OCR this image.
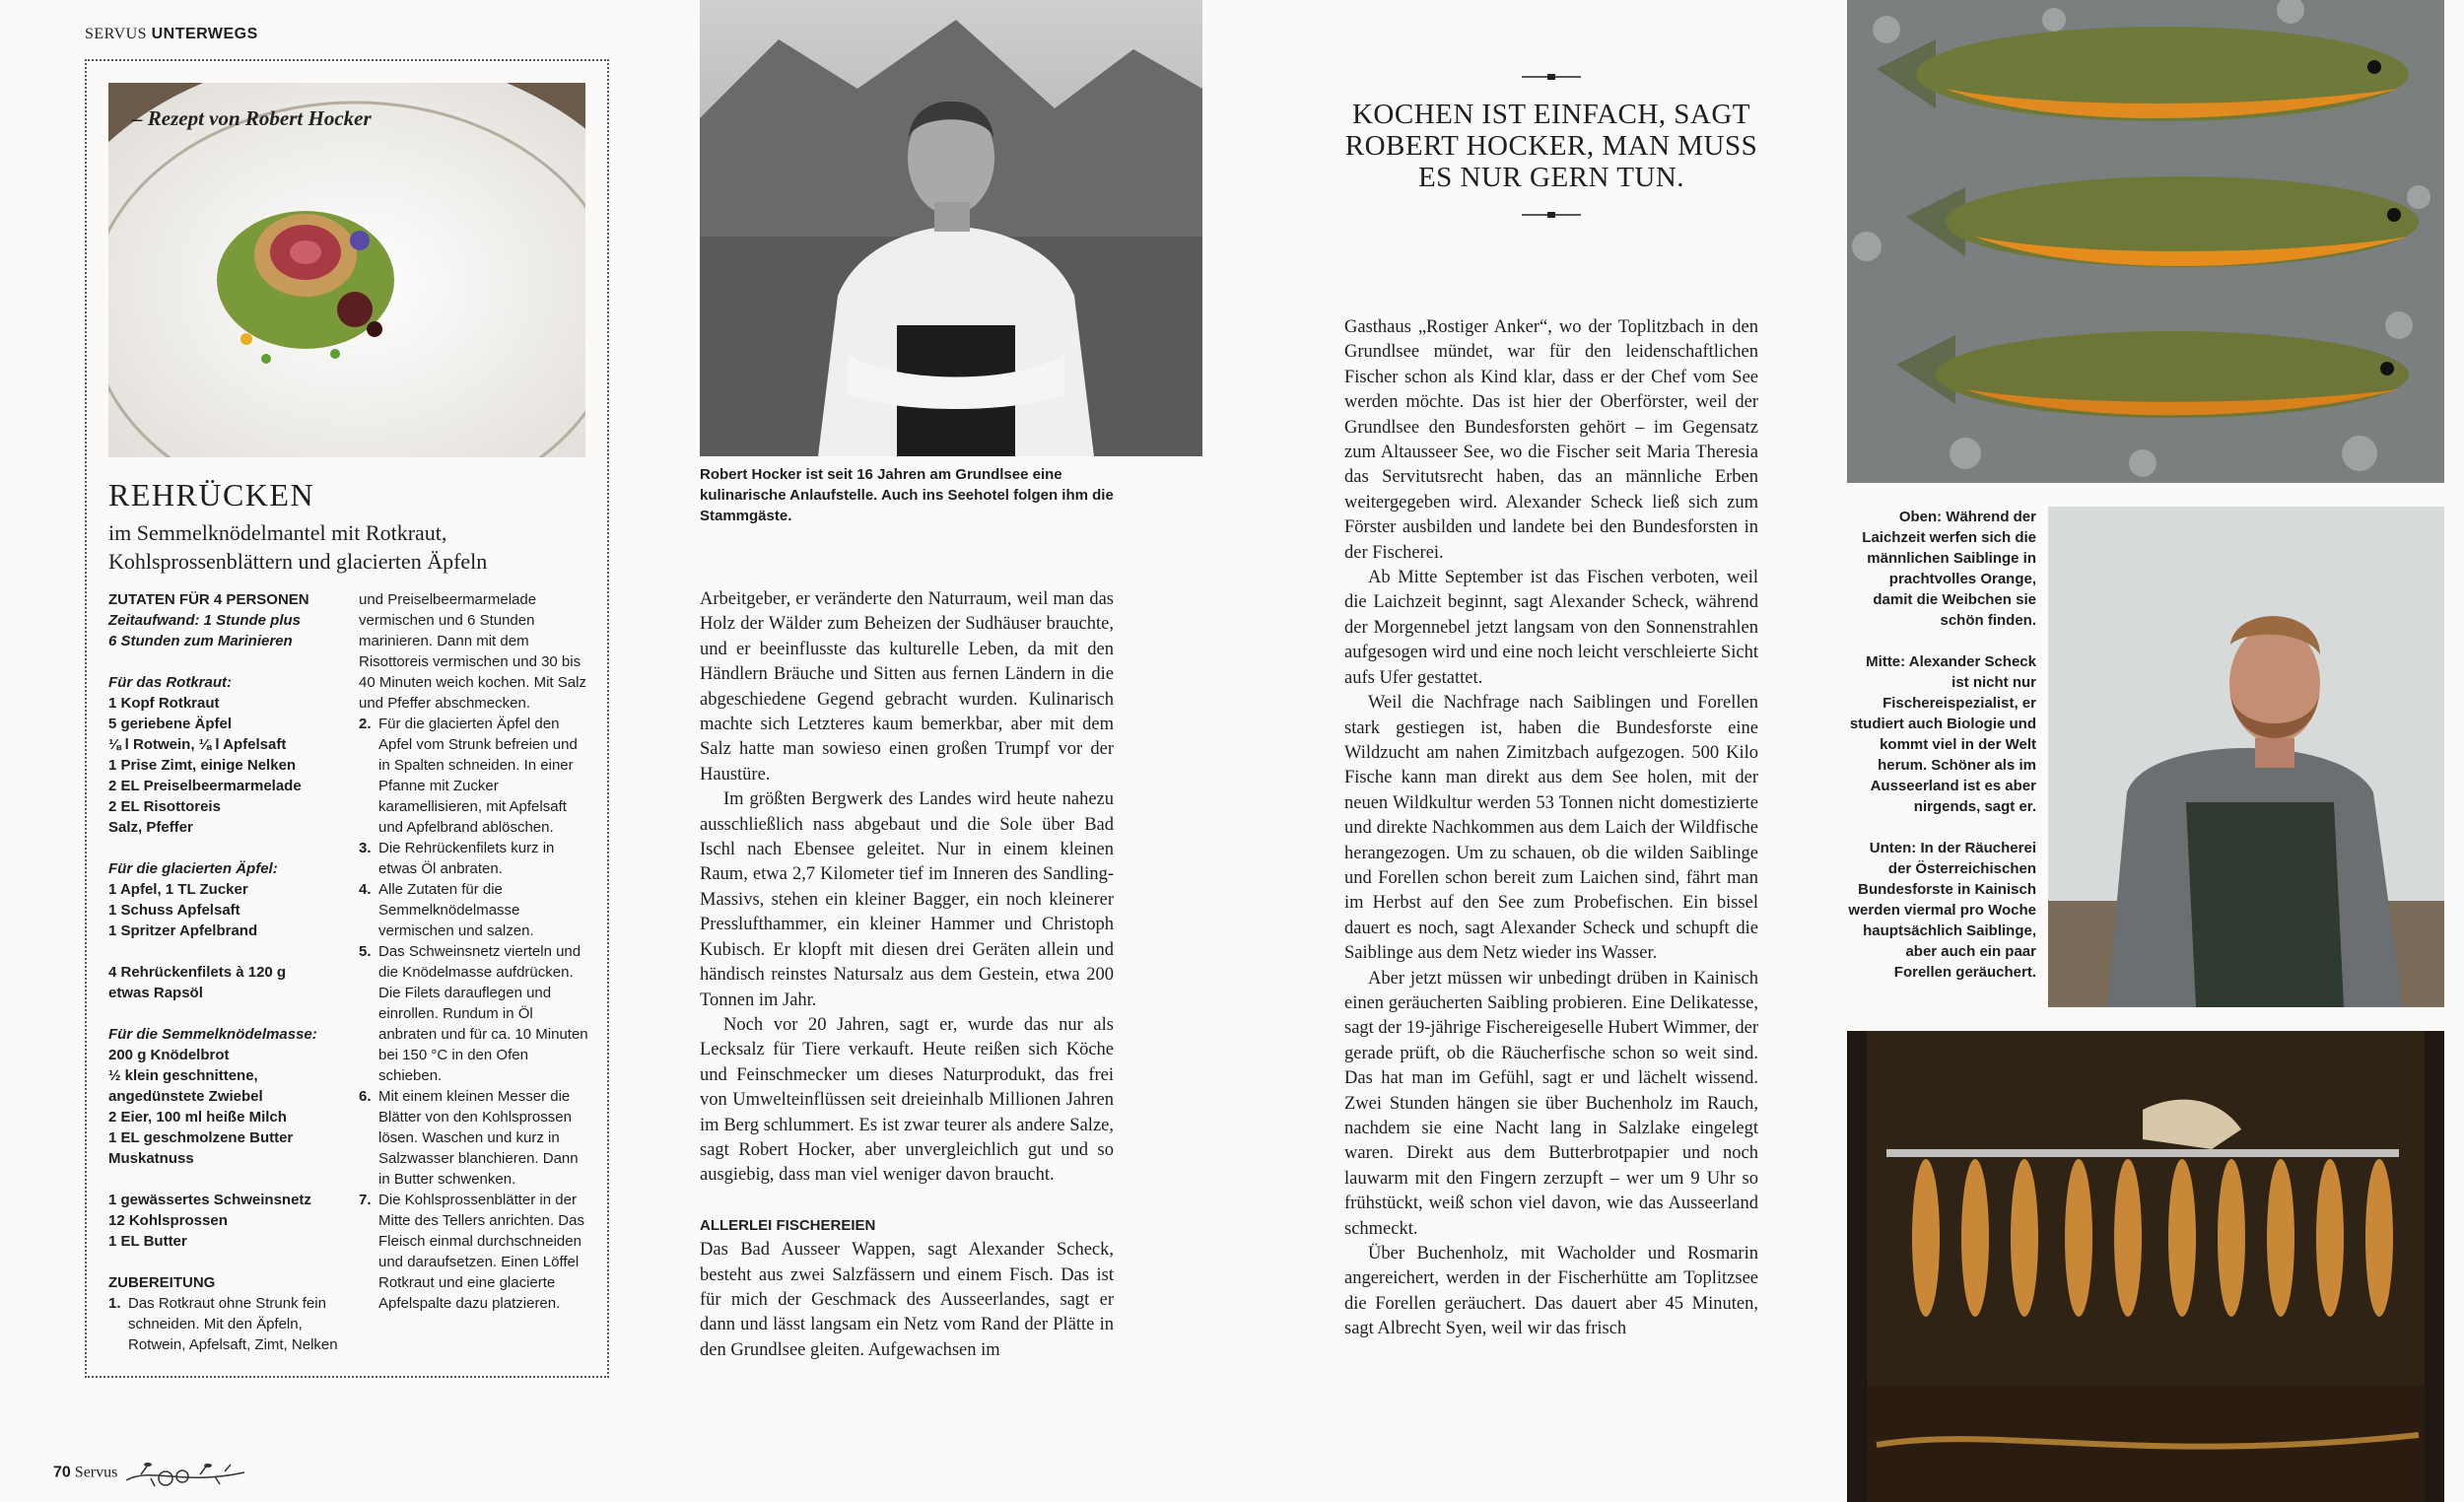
SERVUS UNTERWEGS
– Rezept von Robert Hocker
REHRÜCKEN
im Semmelknödelmantel mit Rotkraut, Kohlsprossenblättern und glacierten Äpfeln

ZUTATEN FÜR 4 PERSONEN

Zeitaufwand: 1 Stunde plus

6 Stunden zum Marinieren

Für das Rotkraut:

1 Kopf Rotkraut

5 geriebene Äpfel

⅛ l Rotwein, ⅛ l Apfelsaft

1 Prise Zimt, einige Nelken

2 EL Preiselbeermarmelade

2 EL Risottoreis

Salz, Pfeffer

Für die glacierten Äpfel:

1 Apfel, 1 TL Zucker

1 Schuss Apfelsaft

1 Spritzer Apfelbrand

4 Rehrückenfilets à 120 g

etwas Rapsöl

Für die Semmelknödelmasse:

200 g Knödelbrot

½ klein geschnittene,

angedünstete Zwiebel

2 Eier, 100 ml heiße Milch

1 EL geschmolzene Butter

Muskatnuss

1 gewässertes Schweinsnetz

12 Kohlsprossen

1 EL Butter

ZUBEREITUNG

1. Das Rotkraut ohne Strunk fein schneiden. Mit den Äpfeln, Rotwein, Apfelsaft, Zimt, Nelken

und Preiselbeermarmelade vermischen und 6 Stunden marinieren. Dann mit dem Risottoreis vermischen und 30 bis 40 Minuten weich kochen. Mit Salz und Pfeffer abschmecken.

2. Für die glacierten Äpfel den Apfel vom Strunk befreien und in Spalten schneiden. In einer Pfanne mit Zucker karamellisieren, mit Apfelsaft und Apfelbrand ablöschen.
3. Die Rehrückenfilets kurz in etwas Öl anbraten.
4. Alle Zutaten für die Semmelknödelmasse vermischen und salzen.
5. Das Schweinsnetz vierteln und die Knödelmasse aufdrücken. Die Filets darauflegen und einrollen. Rundum in Öl anbraten und für ca. 10 Minuten bei 150 °C in den Ofen schieben.
6. Mit einem kleinen Messer die Blätter von den Kohlsprossen lösen. Waschen und kurz in Salzwasser blanchieren. Dann in Butter schwenken.
7. Die Kohlsprossenblätter in der Mitte des Tellers anrichten. Das Fleisch einmal durchschneiden und daraufsetzen. Einen Löffel Rotkraut und eine glacierte Apfelspalte dazu platzieren.
70 Servus
Robert Hocker ist seit 16 Jahren am Grundlsee eine kulinarische Anlaufstelle. Auch ins Seehotel folgen ihm die Stammgäste.

Arbeitgeber, er veränderte den Naturraum, weil man das Holz der Wälder zum Beheizen der Sudhäuser brauchte, und er beeinflusste das kulturelle Leben, da mit den Händlern Bräuche und Sitten aus fernen Ländern in die abgeschiedene Gegend gebracht wurden. Kulinarisch machte sich Letzteres kaum bemerkbar, aber mit dem Salz hatte man sowieso einen großen Trumpf vor der Haustüre.

Im größten Bergwerk des Landes wird heute nahezu ausschließlich nass abgebaut und die Sole über Bad Ischl nach Ebensee geleitet. Nur in einem kleinen Raum, etwa 2,7 Kilometer tief im Inneren des Sandling-Massivs, stehen ein kleiner Bagger, ein noch kleinerer Presslufthammer, ein kleiner Hammer und Christoph Kubisch. Er klopft mit diesen drei Geräten allein und händisch reinstes Natursalz aus dem Gestein, etwa 200 Tonnen im Jahr.

Noch vor 20 Jahren, sagt er, wurde das nur als Lecksalz für Tiere verkauft. Heute reißen sich Köche und Feinschmecker um dieses Naturprodukt, das frei von Umwelteinflüssen seit dreieinhalb Millionen Jahren im Berg schlummert. Es ist zwar teurer als andere Salze, sagt Robert Hocker, aber unvergleichlich gut und so ausgiebig, dass man viel weniger davon braucht.

ALLERLEI FISCHEREIEN

Das Bad Ausseer Wappen, sagt Alexander Scheck, besteht aus zwei Salzfässern und einem Fisch. Das ist für mich der Geschmack des Ausseerlandes, sagt er dann und lässt langsam ein Netz vom Rand der Plätte in den Grundlsee gleiten. Aufgewachsen im

KOCHEN IST EINFACH, SAGT ROBERT HOCKER, MAN MUSS ES NUR GERN TUN.

Gasthaus „Rostiger Anker“, wo der Toplitzbach in den Grundlsee mündet, war für den leidenschaftlichen Fischer schon als Kind klar, dass er der Chef vom See werden möchte. Das ist hier der Oberförster, weil der Grundlsee den Bundesforsten gehört – im Gegensatz zum Altausseer See, wo die Fischer seit Maria Theresia das Servitutsrecht haben, das an männliche Erben weitergegeben wird. Alexander Scheck ließ sich zum Förster ausbilden und landete bei den Bundesforsten in der Fischerei.

Ab Mitte September ist das Fischen verboten, weil die Laichzeit beginnt, sagt Alexander Scheck, während der Morgennebel jetzt langsam von den Sonnenstrahlen aufgesogen wird und eine noch leicht verschleierte Sicht aufs Ufer gestattet.

Weil die Nachfrage nach Saiblingen und Forellen stark gestiegen ist, haben die Bundesforste eine Wildzucht am nahen Zimitzbach aufgezogen. 500 Kilo Fische kann man direkt aus dem See holen, mit der neuen Wildkultur werden 53 Tonnen nicht domestizierte und direkte Nachkommen aus dem Laich der Wildfische herangezogen. Um zu schauen, ob die wilden Saiblinge und Forellen schon bereit zum Laichen sind, fährt man im Herbst auf den See zum Probefischen. Ein bissel dauert es noch, sagt Alexander Scheck und schupft die Saiblinge aus dem Netz wieder ins Wasser.

Aber jetzt müssen wir unbedingt drüben in Kainisch einen geräucherten Saibling probieren. Eine Delikatesse, sagt der 19-jährige Fischereigeselle Hubert Wimmer, der gerade prüft, ob die Räucherfische schon so weit sind. Das hat man im Gefühl, sagt er und lächelt wissend. Zwei Stunden hängen sie über Buchenholz im Rauch, nachdem sie eine Nacht lang in Salzlake eingelegt waren. Direkt aus dem Butterbrotpapier und noch lauwarm mit den Fingern zerzupft – wer um 9 Uhr so frühstückt, weiß schon viel davon, wie das Ausseerland schmeckt.

Über Buchenholz, mit Wacholder und Rosmarin angereichert, werden in der Fischerhütte am Toplitzsee die Forellen geräuchert. Das dauert aber 45 Minuten, sagt Albrecht Syen, weil wir das frisch

Oben: Während der Laichzeit werfen sich die männlichen Saiblinge in prachtvolles Orange, damit die Weibchen sie schön finden.

Mitte: Alexander Scheck ist nicht nur Fischereispezialist, er studiert auch Biologie und kommt viel in der Welt herum. Schöner als im Ausseerland ist es aber nirgends, sagt er.

Unten: In der Räucherei der Österreichischen Bundesforste in Kainisch werden viermal pro Woche hauptsächlich Saiblinge, aber auch ein paar Forellen geräuchert.
